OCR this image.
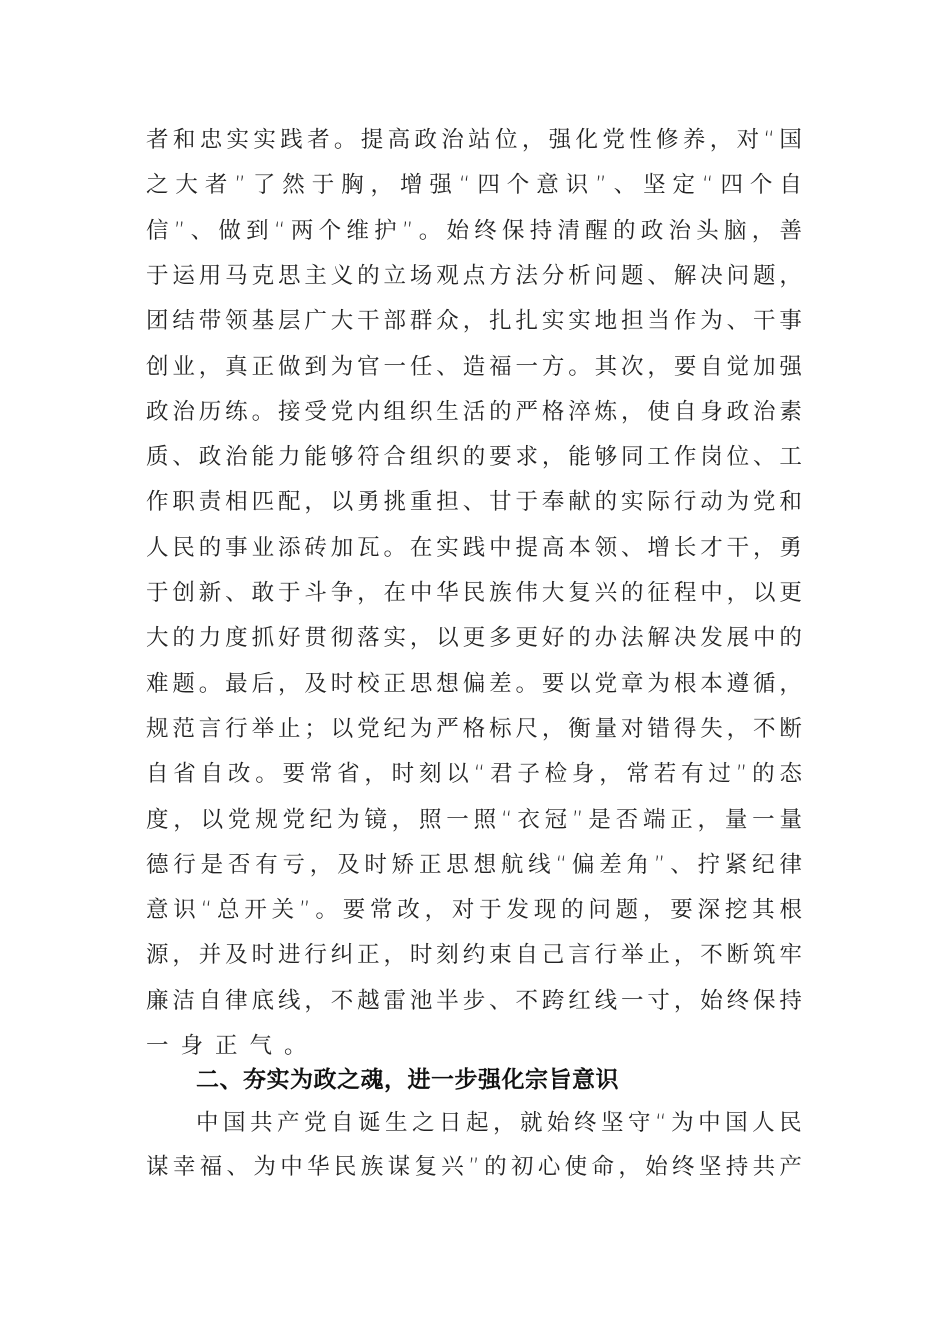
者 和 忠 实 实 践 者 。 提 高 政 治 站 位 ， 强 化 党 性 修 养 ， 对 “ 国
之 大 者 ” 了 然 于 胸 ， 增 强 “ 四 个 意 识 ” 、 坚 定 “ 四 个 自
信 ” 、 做 到 “ 两 个 维 护 ” 。 始 终 保 持 清 醒 的 政 治 头 脑 ， 善
于 运 用 马 克 思 主 义 的 立 场 观 点 方 法 分 析 问 题 、 解 决 问 题 ，
团 结 带 领 基 层 广 大 干 部 群 众 ， 扎 扎 实 实 地 担 当 作 为 、 干 事
创 业 ， 真 正 做 到 为 官 一 任 、 造 福 一 方 。 其 次 ， 要 自 觉 加 强
政 治 历 练 。 接 受 党 内 组 织 生 活 的 严 格 淬 炼 ， 使 自 身 政 治 素
质 、 政 治 能 力 能 够 符 合 组 织 的 要 求 ， 能 够 同 工 作 岗 位 、 工
作 职 责 相 匹 配 ， 以 勇 挑 重 担 、 甘 于 奉 献 的 实 际 行 动 为 党 和
人 民 的 事 业 添 砖 加 瓦 。 在 实 践 中 提 高 本 领 、 增 长 才 干 ， 勇
于 创 新 、 敢 于 斗 争 ， 在 中 华 民 族 伟 大 复 兴 的 征 程 中 ， 以 更
大 的 力 度 抓 好 贯 彻 落 实 ， 以 更 多 更 好 的 办 法 解 决 发 展 中 的
难 题 。 最 后 ， 及 时 校 正 思 想 偏 差 。 要 以 党 章 为 根 本 遵 循 ，
规 范 言 行 举 止 ； 以 党 纪 为 严 格 标 尺 ， 衡 量 对 错 得 失 ， 不 断
自 省 自 改 。 要 常 省 ， 时 刻 以 “ 君 子 检 身 ， 常 若 有 过 ” 的 态
度 ， 以 党 规 党 纪 为 镜 ， 照 一 照 “ 衣 冠 ” 是 否 端 正 ， 量 一 量
德 行 是 否 有 亏 ， 及 时 矫 正 思 想 航 线 “ 偏 差 角 ” 、 拧 紧 纪 律
意 识 “ 总 开 关 ” 。 要 常 改 ， 对 于 发 现 的 问 题 ， 要 深 挖 其 根
源 ， 并 及 时 进 行 纠 正 ， 时 刻 约 束 自 己 言 行 举 止 ， 不 断 筑 牢
廉 洁 自 律 底 线 ， 不 越 雷 池 半 步 、 不 跨 红 线 一 寸 ， 始 终 保 持
一 身 正 气 。
二、夯实为政之魂，进一步强化宗旨意识
中 国 共 产 党 自 诞 生 之 日 起 ， 就 始 终 坚 守 “ 为 中 国 人 民
谋 幸 福 、 为 中 华 民 族 谋 复 兴 ” 的 初 心 使 命 ， 始 终 坚 持 共 产
